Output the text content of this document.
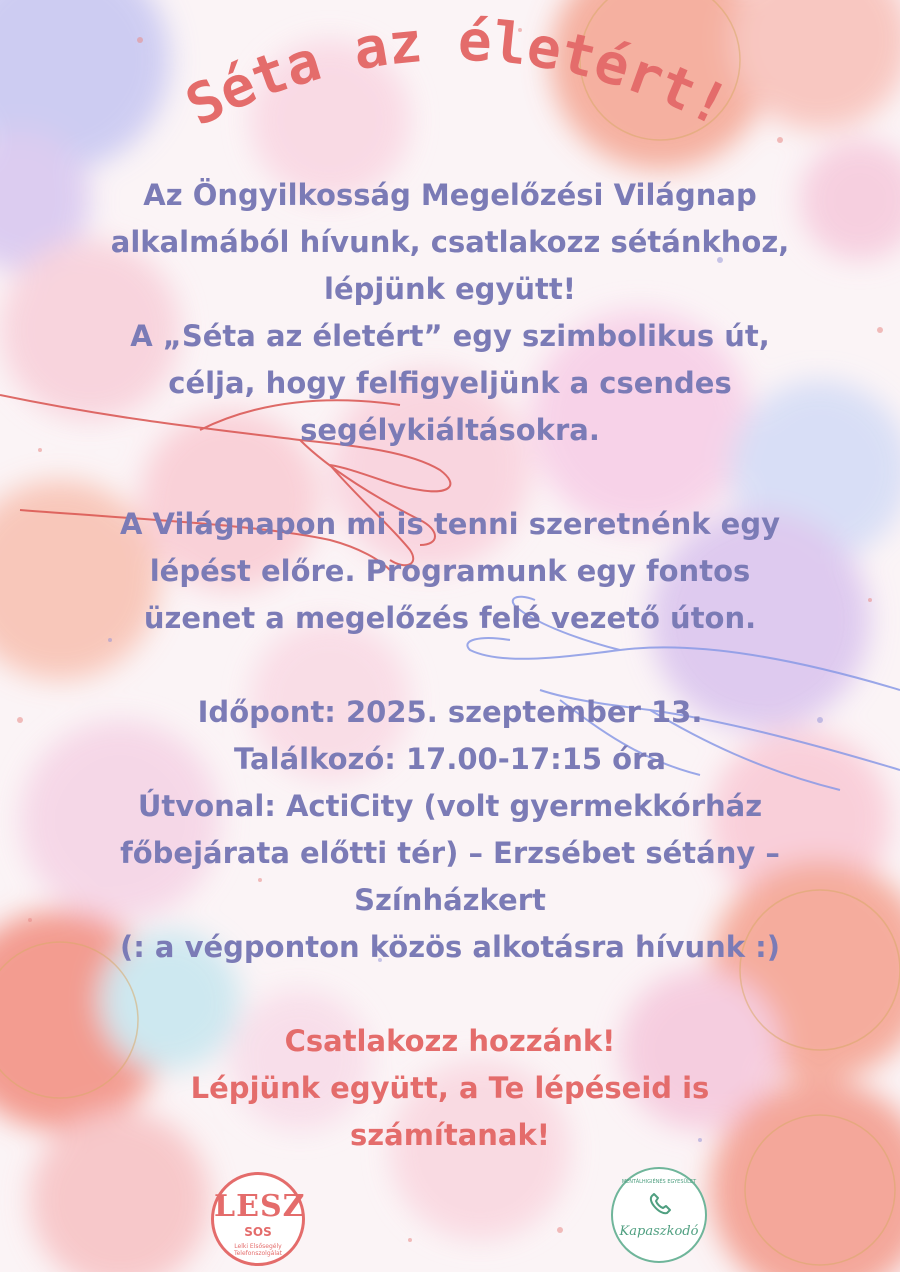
Séta az életért!

Az Öngyilkosság Megelőzési Világnap

alkalmából hívunk, csatlakozz sétánkhoz,

lépjünk együtt!

A „Séta az életért” egy szimbolikus út,

célja, hogy felfigyeljünk a csendes

segélykiáltásokra.

A Világnapon mi is tenni szeretnénk egy

lépést előre. Programunk egy fontos

üzenet a megelőzés felé vezető úton.

Időpont: 2025. szeptember 13.

Találkozó: 17.00-17:15 óra

Útvonal: ActiCity (volt gyermekkórház

főbejárata előtti tér) – Erzsébet sétány –

Színházkert

(: a végponton közös alkotásra hívunk :)

Csatlakozz hozzánk!

Lépjünk együtt, a Te lépéseid is

számítanak!

LESZ
SOS
Lelki Elsősegély Telefonszolgálat
MENTÁLHIGIÉNÉS EGYESÜLET
Kapaszkodó
